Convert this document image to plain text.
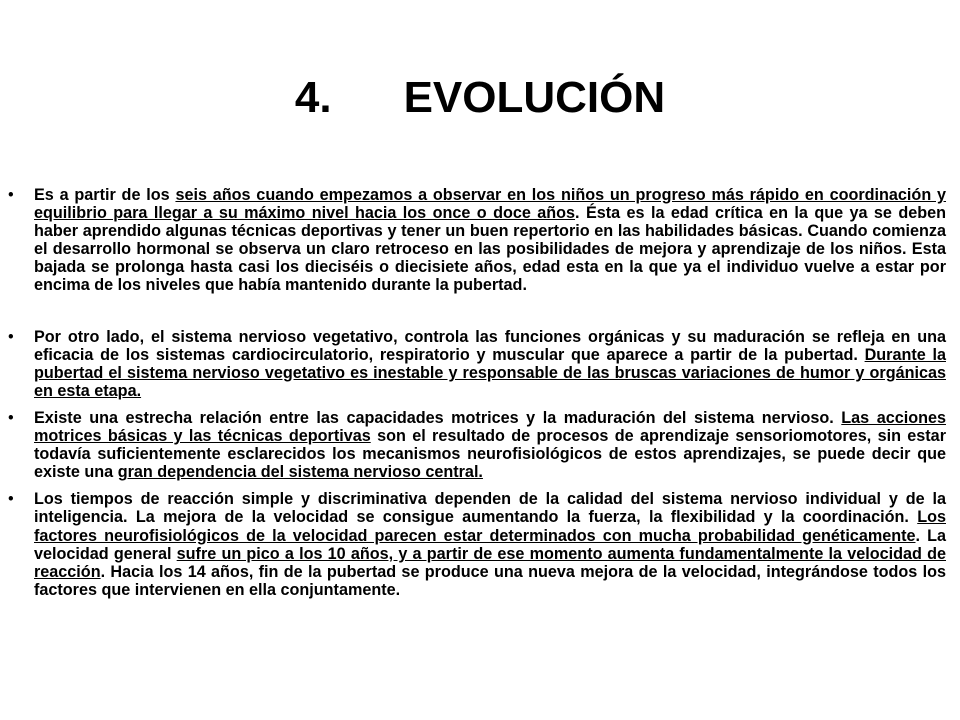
4. EVOLUCIÓN
• Es a partir de los seis años cuando empezamos a observar en los niños un progreso más rápido en coordinación y equilibrio para llegar a su máximo nivel hacia los once o doce años. Ésta es la edad crítica en la que ya se deben haber aprendido algunas técnicas deportivas y tener un buen repertorio en las habilidades básicas. Cuando comienza el desarrollo hormonal se observa un claro retroceso en las posibilidades de mejora y aprendizaje de los niños. Esta bajada se prolonga hasta casi los dieciséis o diecisiete años, edad esta en la que ya el individuo vuelve a estar por encima de los niveles que había mantenido durante la pubertad.
• Por otro lado, el sistema nervioso vegetativo, controla las funciones orgánicas y su maduración se refleja en una eficacia de los sistemas cardiocirculatorio, respiratorio y muscular que aparece a partir de la pubertad. Durante la pubertad el sistema nervioso vegetativo es inestable y responsable de las bruscas variaciones de humor y orgánicas en esta etapa.
• Existe una estrecha relación entre las capacidades motrices y la maduración del sistema nervioso. Las acciones motrices básicas y las técnicas deportivas son el resultado de procesos de aprendizaje sensoriomotores, sin estar todavía suficientemente esclarecidos los mecanismos neurofisiológicos de estos aprendizajes, se puede decir que existe una gran dependencia del sistema nervioso central.
• Los tiempos de reacción simple y discriminativa dependen de la calidad del sistema nervioso individual y de la inteligencia. La mejora de la velocidad se consigue aumentando la fuerza, la flexibilidad y la coordinación. Los factores neurofisiológicos de la velocidad parecen estar determinados con mucha probabilidad genéticamente. La velocidad general sufre un pico a los 10 años, y a partir de ese momento aumenta fundamentalmente la velocidad de reacción. Hacia los 14 años, fin de la pubertad se produce una nueva mejora de la velocidad, integrándose todos los factores que intervienen en ella conjuntamente.
